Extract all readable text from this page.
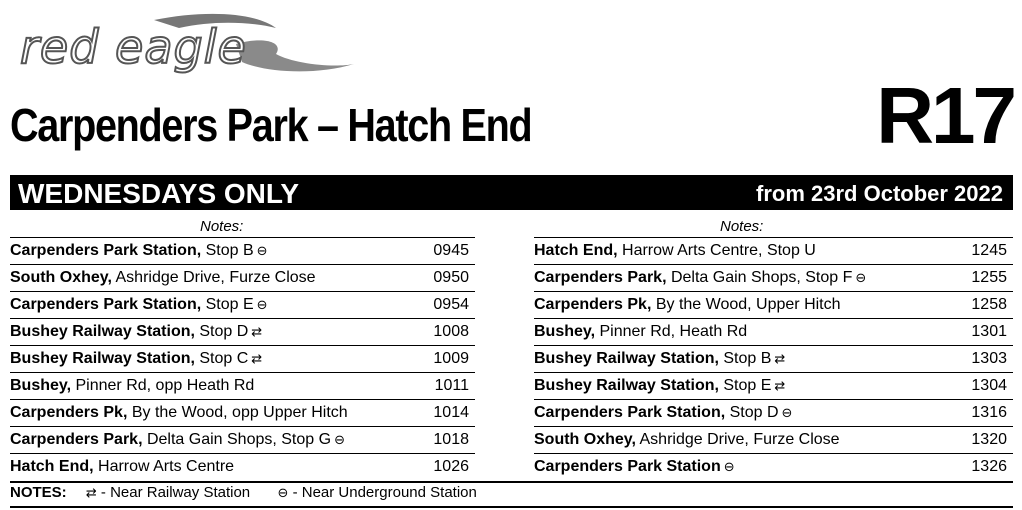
red eagle
Carpenders Park – Hatch End	R17
WEDNESDAYS ONLY	from 23rd October 2022
Notes:
Carpenders Park Station, Stop B ⊖	0945
South Oxhey, Ashridge Drive, Furze Close	0950
Carpenders Park Station, Stop E ⊖	0954
Bushey Railway Station, Stop D ⇄	1008
Bushey Railway Station, Stop C ⇄	1009
Bushey, Pinner Rd, opp Heath Rd	1011
Carpenders Pk, By the Wood, opp Upper Hitch	1014
Carpenders Park, Delta Gain Shops, Stop G ⊖	1018
Hatch End, Harrow Arts Centre	1026
Notes:
Hatch End, Harrow Arts Centre, Stop U	1245
Carpenders Park, Delta Gain Shops, Stop F ⊖	1255
Carpenders Pk, By the Wood, Upper Hitch	1258
Bushey, Pinner Rd, Heath Rd	1301
Bushey Railway Station, Stop B ⇄	1303
Bushey Railway Station, Stop E ⇄	1304
Carpenders Park Station, Stop D ⊖	1316
South Oxhey, Ashridge Drive, Furze Close	1320
Carpenders Park Station ⊖	1326
NOTES: ⇄ - Near Railway Station ⊖ - Near Underground Station
